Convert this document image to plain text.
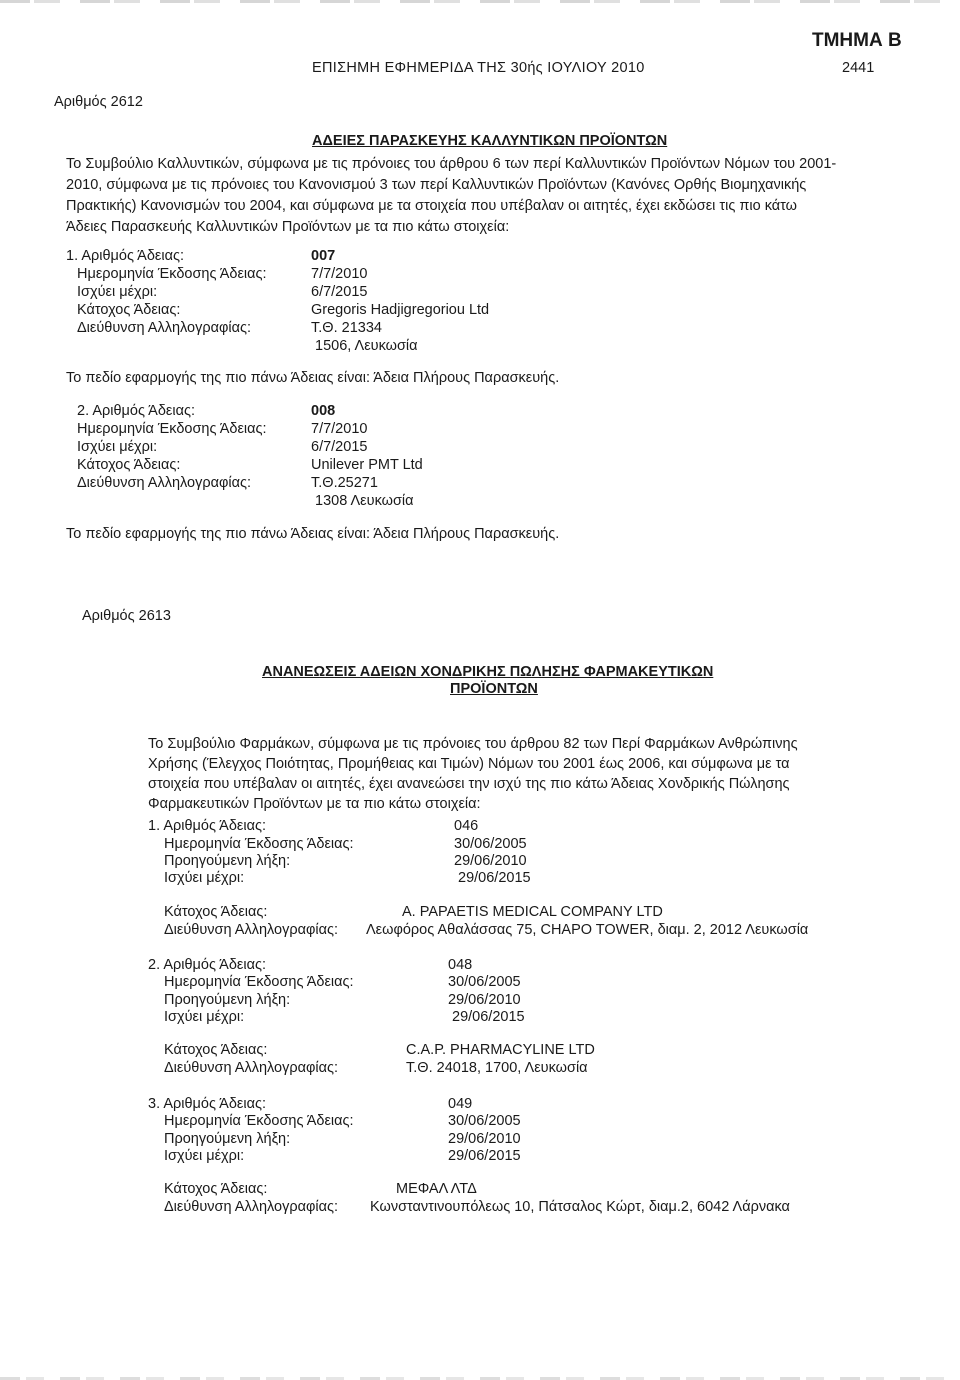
ΤΜΗΜΑ Β
ΕΠΙΣΗΜΗ ΕΦΗΜΕΡΙΔΑ ΤΗΣ 30ής ΙΟΥΛΙΟΥ 2010	2441
Αριθμός 2612
ΑΔΕΙΕΣ ΠΑΡΑΣΚΕΥΗΣ ΚΑΛΛΥΝΤΙΚΩΝ ΠΡΟΪΟΝΤΩΝ
Το Συμβούλιο Καλλυντικών, σύμφωνα με τις πρόνοιες του άρθρου 6 των περί Καλλυντικών Προϊόντων Νόμων του 2001-
2010, σύμφωνα με τις πρόνοιες του Κανονισμού 3 των περί Καλλυντικών Προϊόντων (Κανόνες Ορθής Βιομηχανικής
Πρακτικής) Κανονισμών του 2004, και σύμφωνα με τα στοιχεία που υπέβαλαν οι αιτητές, έχει εκδώσει τις πιο κάτω
Άδειες Παρασκευής Καλλυντικών Προϊόντων με τα πιο κάτω στοιχεία:
1. Αριθμός Άδειας:	007
Ημερομηνία Έκδοσης Άδειας:	7/7/2010
Ισχύει μέχρι:	6/7/2015
Κάτοχος Άδειας:	Gregoris Hadjigregoriou Ltd
Διεύθυνση Αλληλογραφίας:	Τ.Θ. 21334
1506, Λευκωσία
Το πεδίο εφαρμογής της πιο πάνω Άδειας είναι: Άδεια Πλήρους Παρασκευής.
2. Αριθμός Άδειας:	008
Ημερομηνία Έκδοσης Άδειας:	7/7/2010
Ισχύει μέχρι:	6/7/2015
Κάτοχος Άδειας:	Unilever PMT Ltd
Διεύθυνση Αλληλογραφίας:	Τ.Θ.25271
1308 Λευκωσία
Το πεδίο εφαρμογής της πιο πάνω Άδειας είναι: Άδεια Πλήρους Παρασκευής.
Αριθμός 2613
ΑΝΑΝΕΩΣΕΙΣ ΑΔΕΙΩΝ ΧΟΝΔΡΙΚΗΣ ΠΩΛΗΣΗΣ ΦΑΡΜΑΚΕΥΤΙΚΩΝ
ΠΡΟΪΟΝΤΩΝ
Το Συμβούλιο Φαρμάκων, σύμφωνα με τις πρόνοιες του άρθρου 82 των Περί Φαρμάκων Ανθρώπινης
Χρήσης (Έλεγχος Ποιότητας, Προμήθειας και Τιμών) Νόμων του 2001 έως 2006, και σύμφωνα με τα
στοιχεία που υπέβαλαν οι αιτητές, έχει ανανεώσει την ισχύ της πιο κάτω Άδειας Χονδρικής Πώλησης
Φαρμακευτικών Προϊόντων με τα πιο κάτω στοιχεία:
1. Αριθμός Άδειας:	046
Ημερομηνία Έκδοσης Άδειας:	30/06/2005
Προηγούμενη λήξη:	29/06/2010
Ισχύει μέχρι:	29/06/2015
Κάτοχος Άδειας:	A. PAPAETIS MEDICAL COMPANY LTD
Διεύθυνση Αλληλογραφίας: Λεωφόρος Αθαλάσσας 75, CHAPO TOWER, διαμ. 2, 2012 Λευκωσία
2. Αριθμός Άδειας:	048
Ημερομηνία Έκδοσης Άδειας:	30/06/2005
Προηγούμενη λήξη:	29/06/2010
Ισχύει μέχρι:	29/06/2015
Κάτοχος Άδειας:	C.A.P. PHARMACYLINE LTD
Διεύθυνση Αλληλογραφίας:	Τ.Θ. 24018, 1700, Λευκωσία
3. Αριθμός Άδειας:	049
Ημερομηνία Έκδοσης Άδειας:	30/06/2005
Προηγούμενη λήξη:	29/06/2010
Ισχύει μέχρι:	29/06/2015
Κάτοχος Άδειας:	ΜΕΦΑΛ ΛΤΔ
Διεύθυνση Αλληλογραφίας: Κωνσταντινουπόλεως 10, Πάτσαλος Κώρτ, διαμ.2, 6042 Λάρνακα
